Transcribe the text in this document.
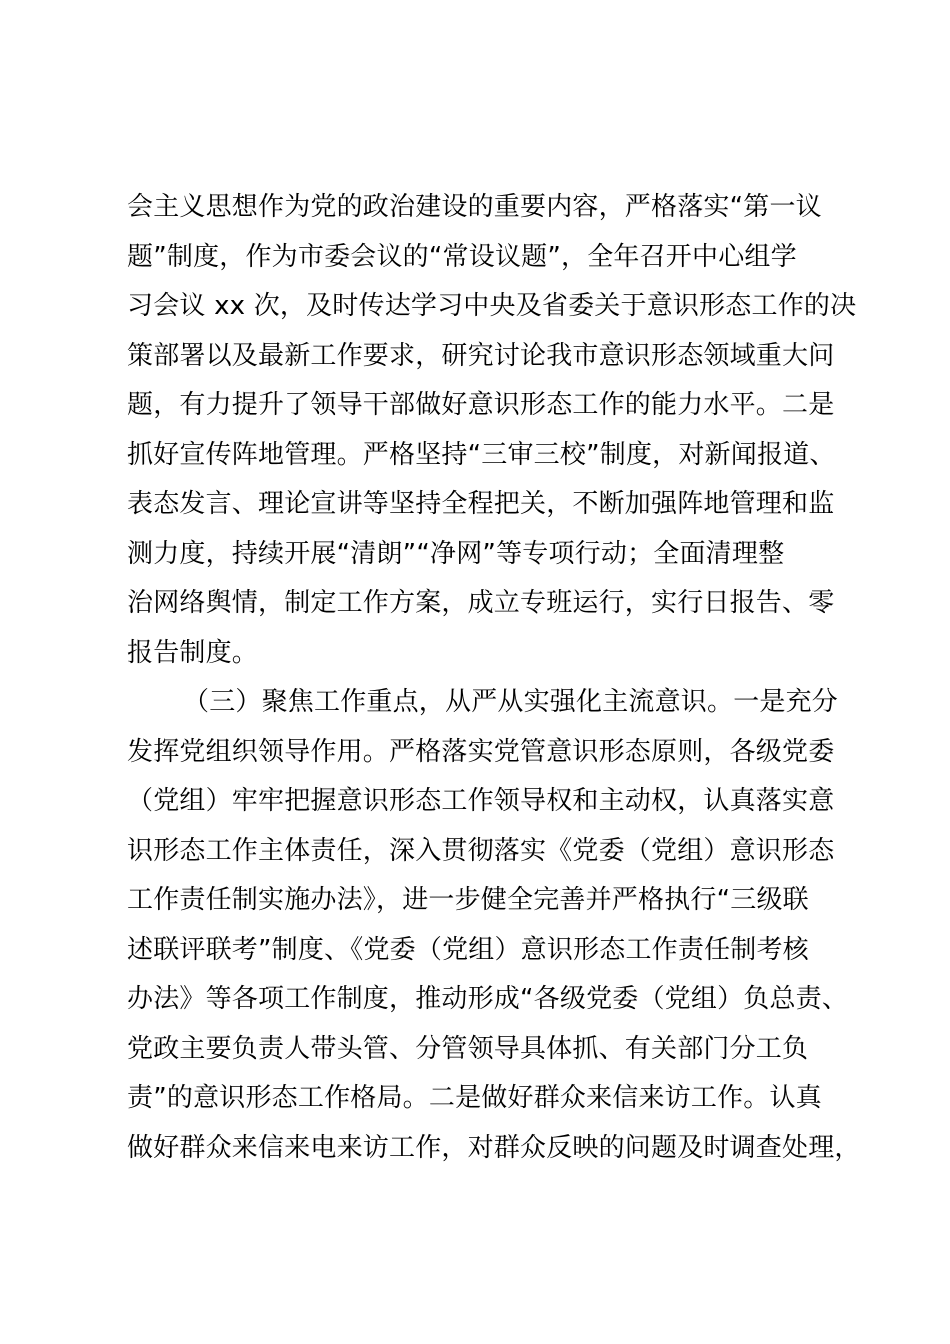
会主义思想作为党的政治建设的重要内容，严格落实“第一议
题”制度，作为市委会议的“常设议题”，全年召开中心组学
习会议 xx 次，及时传达学习中央及省委关于意识形态工作的决
策部署以及最新工作要求，研究讨论我市意识形态领域重大问
题，有力提升了领导干部做好意识形态工作的能力水平。二是
抓好宣传阵地管理。严格坚持“三审三校”制度，对新闻报道、
表态发言、理论宣讲等坚持全程把关，不断加强阵地管理和监
测力度，持续开展“清朗”“净网”等专项行动；全面清理整
治网络舆情，制定工作方案，成立专班运行，实行日报告、零
报告制度。
（三）聚焦工作重点，从严从实强化主流意识。一是充分
发挥党组织领导作用。严格落实党管意识形态原则，各级党委
（党组）牢牢把握意识形态工作领导权和主动权，认真落实意
识形态工作主体责任，深入贯彻落实《党委（党组）意识形态
工作责任制实施办法》，进一步健全完善并严格执行“三级联
述联评联考”制度、《党委（党组）意识形态工作责任制考核
办法》等各项工作制度，推动形成“各级党委（党组）负总责、
党政主要负责人带头管、分管领导具体抓、有关部门分工负
责”的意识形态工作格局。二是做好群众来信来访工作。认真
做好群众来信来电来访工作，对群众反映的问题及时调查处理，
